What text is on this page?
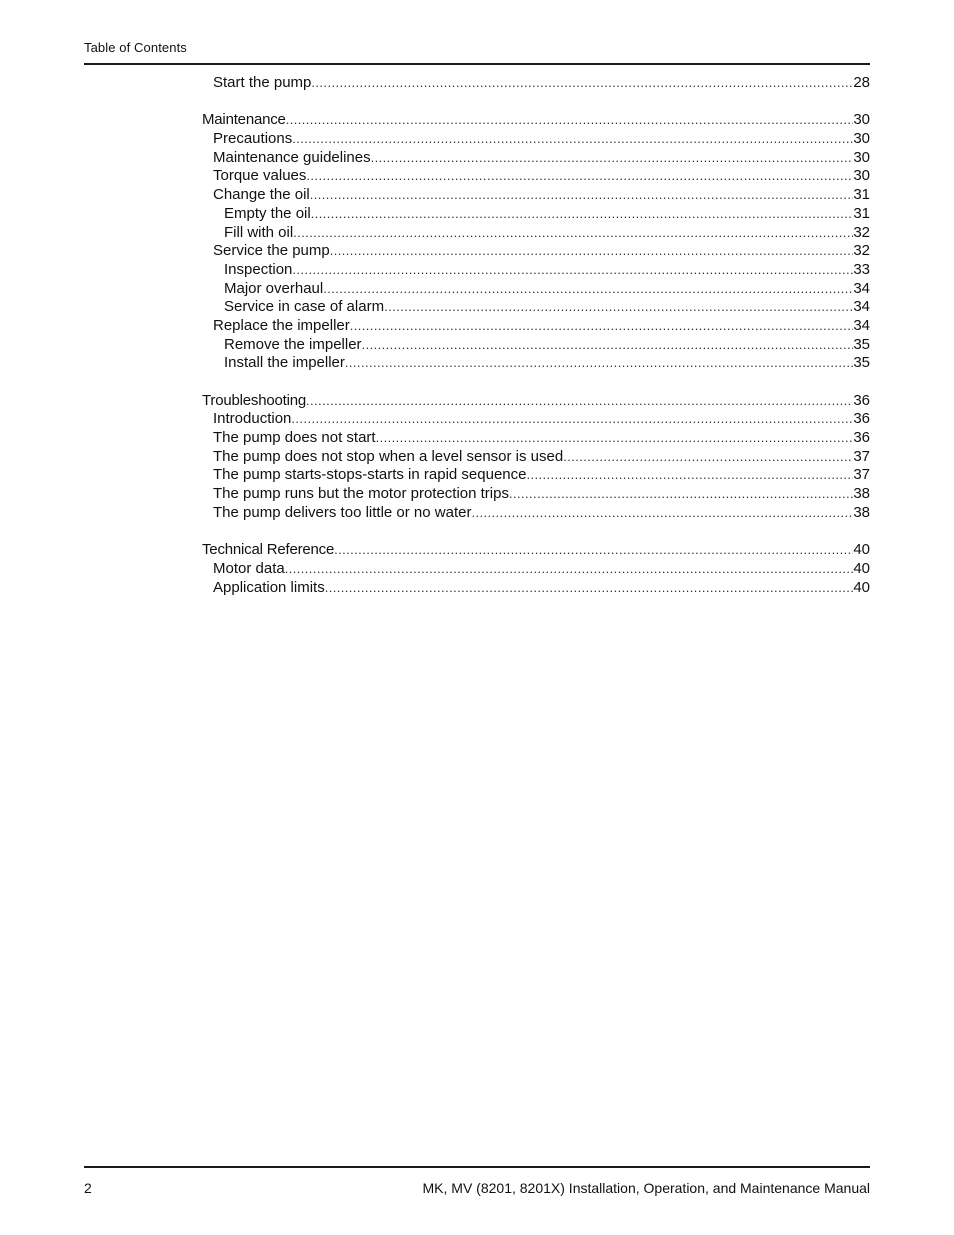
Table of Contents
Start the pump .....	28
Maintenance .....	30
Precautions .....	30
Maintenance guidelines .....	30
Torque values .....	30
Change the oil .....	31
Empty the oil .....	31
Fill with oil .....	32
Service the pump .....	32
Inspection .....	33
Major overhaul .....	34
Service in case of alarm .....	34
Replace the impeller .....	34
Remove the impeller .....	35
Install the impeller .....	35
Troubleshooting .....	36
Introduction .....	36
The pump does not start .....	36
The pump does not stop when a level sensor is used .....	37
The pump starts-stops-starts in rapid sequence .....	37
The pump runs but the motor protection trips .....	38
The pump delivers too little or no water .....	38
Technical Reference .....	40
Motor data .....	40
Application limits .....	40
2	MK, MV (8201, 8201X) Installation, Operation, and Maintenance Manual
